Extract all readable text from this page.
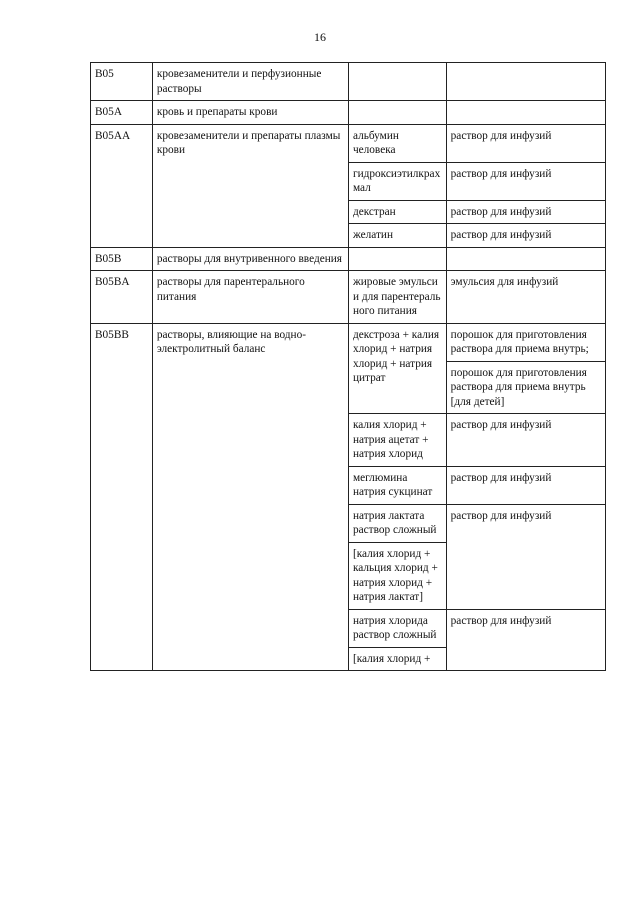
16
B05	кровезаменители и перфузионные растворы		
B05A	кровь и препараты крови		
B05AA	кровезаменители и препараты плазмы крови	альбумин человека	раствор для инфузий
		гидроксиэтилкрахмал	раствор для инфузий
		декстран	раствор для инфузий
		желатин	раствор для инфузий
B05B	растворы для внутривенного введения		
B05BA	растворы для парентерального питания	жировые эмульсии для парентерального питания	эмульсия для инфузий
B05BB	растворы, влияющие на водно-электролитный баланс	декстроза + калия хлорид + натрия хлорид + натрия цитрат	порошок для приготовления раствора для приема внутрь;
			порошок для приготовления раствора для приема внутрь [для детей]
		калия хлорид + натрия ацетат + натрия хлорид	раствор для инфузий
		меглюмина натрия сукцинат	раствор для инфузий
		натрия лактата раствор сложный	раствор для инфузий
		[калия хлорид + кальция хлорид + натрия хлорид + натрия лактат]	
		натрия хлорида раствор сложный	раствор для инфузий
		[калия хлорид +	
